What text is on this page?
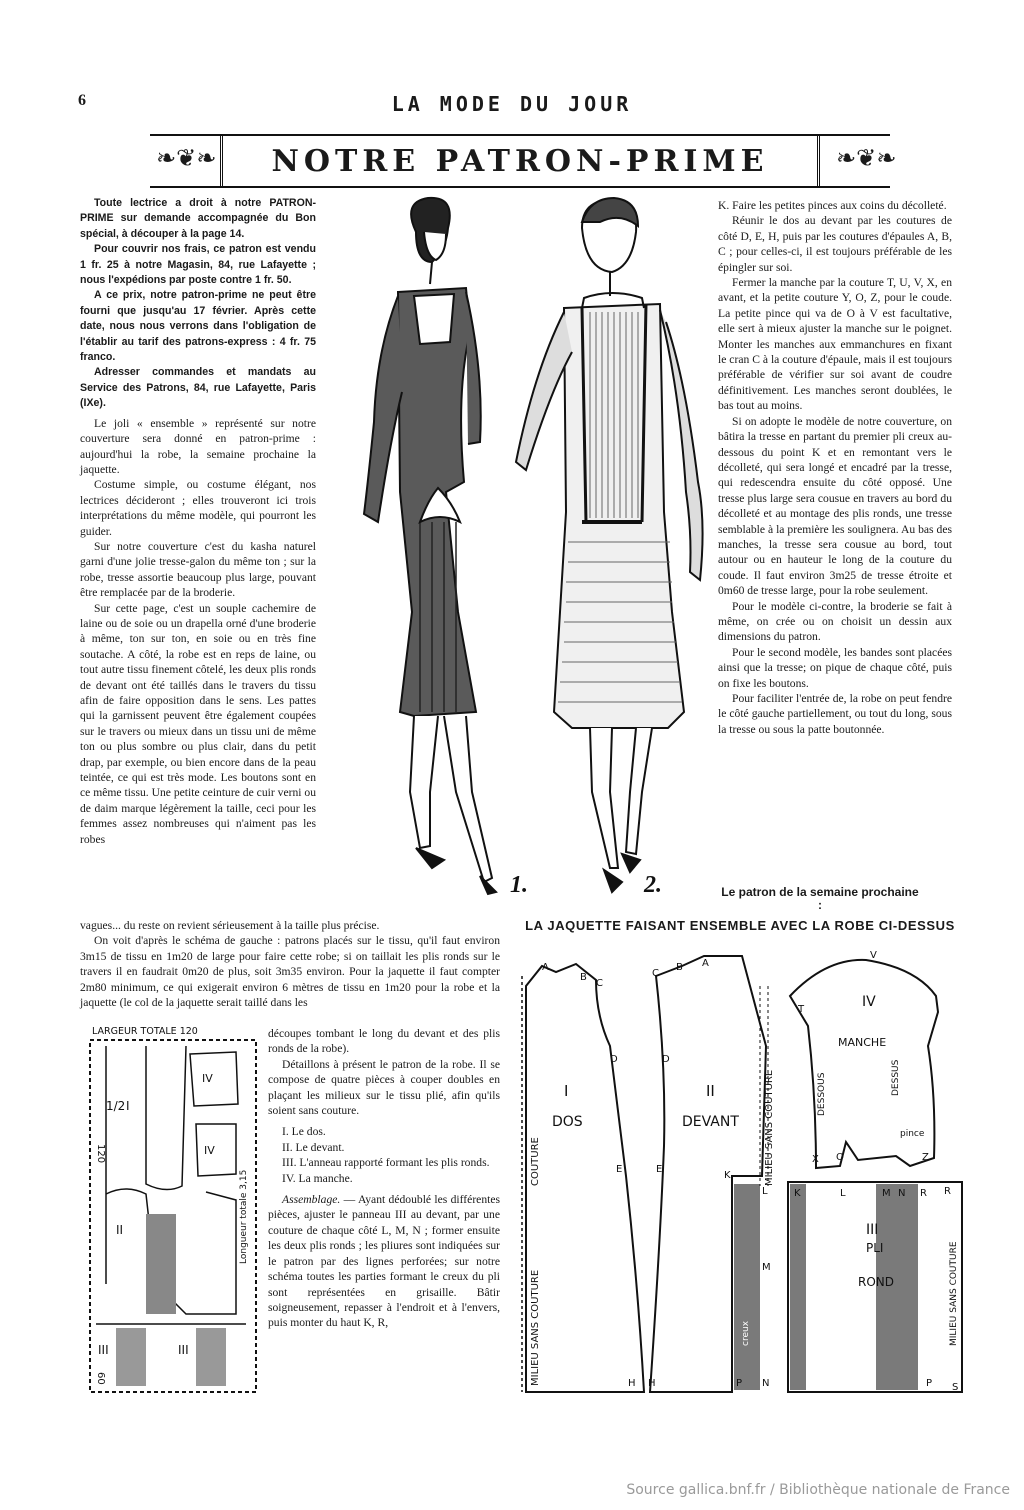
6	LA MODE DU JOUR
NOTRE PATRON-PRIME
❧❦❧	❧❦❧

Toute lectrice a droit à notre PATRON-PRIME sur demande accompagnée du Bon spécial, à découper à la page 14.

Pour couvrir nos frais, ce patron est vendu 1 fr. 25 à notre Magasin, 84, rue Lafayette ; nous l'expédions par poste contre 1 fr. 50.

A ce prix, notre patron-prime ne peut être fourni que jusqu'au 17 février. Après cette date, nous nous verrons dans l'obligation de l'établir au tarif des patrons-express : 4 fr. 75 franco.

Adresser commandes et mandats au Service des Patrons, 84, rue Lafayette, Paris (IXe).

Le joli « ensemble » représenté sur notre couverture sera donné en patron-prime : aujourd'hui la robe, la semaine prochaine la jaquette.

Costume simple, ou costume élégant, nos lectrices décideront ; elles trouveront ici trois interprétations du même modèle, qui pourront les guider.

Sur notre couverture c'est du kasha naturel garni d'une jolie tresse-galon du même ton ; sur la robe, tresse assortie beaucoup plus large, pouvant être remplacée par de la broderie.

Sur cette page, c'est un souple cachemire de laine ou de soie ou un drapella orné d'une broderie à même, ton sur ton, en soie ou en très fine soutache. A côté, la robe est en reps de laine, ou tout autre tissu finement côtelé, les deux plis ronds de devant ont été taillés dans le travers du tissu afin de faire opposition dans le sens. Les pattes qui la garnissent peuvent être également coupées sur le travers ou mieux dans un tissu uni de même ton ou plus sombre ou plus clair, dans du petit drap, par exemple, ou bien encore dans de la peau teintée, ce qui est très mode. Les boutons sont en ce même tissu. Une petite ceinture de cuir verni ou de daim marque légèrement la taille, ceci pour les femmes assez nombreuses qui n'aiment pas les robes

vagues... du reste on revient sérieusement à la taille plus précise.

On voit d'après le schéma de gauche : patrons placés sur le tissu, qu'il faut environ 3m15 de tissu en 1m20 de large pour faire cette robe; si on taillait les plis ronds sur le travers il en faudrait 0m20 de plus, soit 3m35 environ. Pour la jaquette il faut compter 2m80 minimum, ce qui exigerait environ 6 mètres de tissu en 1m20 pour la robe et la jaquette (le col de la jaquette serait taillé dans les

découpes tombant le long du devant et des plis ronds de la robe).

Détaillons à présent le patron de la robe. Il se compose de quatre pièces à couper doubles en plaçant les milieux sur le tissu plié, afin qu'ils soient sans couture.

I. Le dos.

II. Le devant.

III. L'anneau rapporté formant les plis ronds.

IV. La manche.

Assemblage. — Ayant dédoublé les différentes pièces, ajuster le panneau III au devant, par une couture de chaque côté L, M, N ; former ensuite les deux plis ronds ; les pliures sont indiquées sur le patron par des lignes perforées; sur notre schéma toutes les parties formant le creux du pli sont représentées en grisaille. Bâtir soigneusement, repasser à l'endroit et à l'envers, puis monter du haut K, R,

K. Faire les petites pinces aux coins du décolleté.

Réunir le dos au devant par les coutures de côté D, E, H, puis par les coutures d'épaules A, B, C ; pour celles-ci, il est toujours préférable de les épingler sur soi.

Fermer la manche par la couture T, U, V, X, en avant, et la petite couture Y, O, Z, pour le coude. La petite pince qui va de O à V est facultative, elle sert à mieux ajuster la manche sur le poignet. Monter les manches aux emmanchures en fixant le cran C à la couture d'épaule, mais il est toujours préférable de vérifier sur soi avant de coudre définitivement. Les manches seront doublées, le bas tout au moins.

Si on adopte le modèle de notre couverture, on bâtira la tresse en partant du premier pli creux au-dessous du point K et en remontant vers le décolleté, qui sera longé et encadré par la tresse, qui redescendra ensuite du côté opposé. Une tresse plus large sera cousue en travers au bord du décolleté et au montage des plis ronds, une tresse semblable à la première les soulignera. Au bas des manches, la tresse sera cousue au bord, tout autour ou en hauteur le long de la couture du coude. Il faut environ 3m25 de tresse étroite et 0m60 de tresse large, pour la robe seulement.

Pour le modèle ci-contre, la broderie se fait à même, on crée ou on choisit un dessin aux dimensions du patron.

Pour le second modèle, les bandes sont placées ainsi que la tresse; on pique de chaque côté, puis on fixe les boutons.

Pour faciliter l'entrée de, la robe on peut fendre le côté gauche partiellement, ou tout du long, sous la tresse ou sous la patte boutonnée.

Le patron de la semaine prochaine :
LA JAQUETTE FAISANT ENSEMBLE AVEC LA ROBE CI-DESSUS
1.	2.
LARGEUR TOTALE 120
1/2 I
II
III	III
IV
IV
120
60
Longueur totale 3,15
I
DOS
II
DEVANT
IV
MANCHE
DESSOUS	DESSUS
pince
III
PLI
ROND
MILIEU SANS COUTURE
COUTURE	MILIEU SANS COUTURE
MILIEU SANS COUTURE
creux
A
B
C
D
E
H
C
B A
D
E
H
K
L
M
N
P	P
K	L	M N R R
S
T
V
X O	Z
Source gallica.bnf.fr / Bibliothèque nationale de France
